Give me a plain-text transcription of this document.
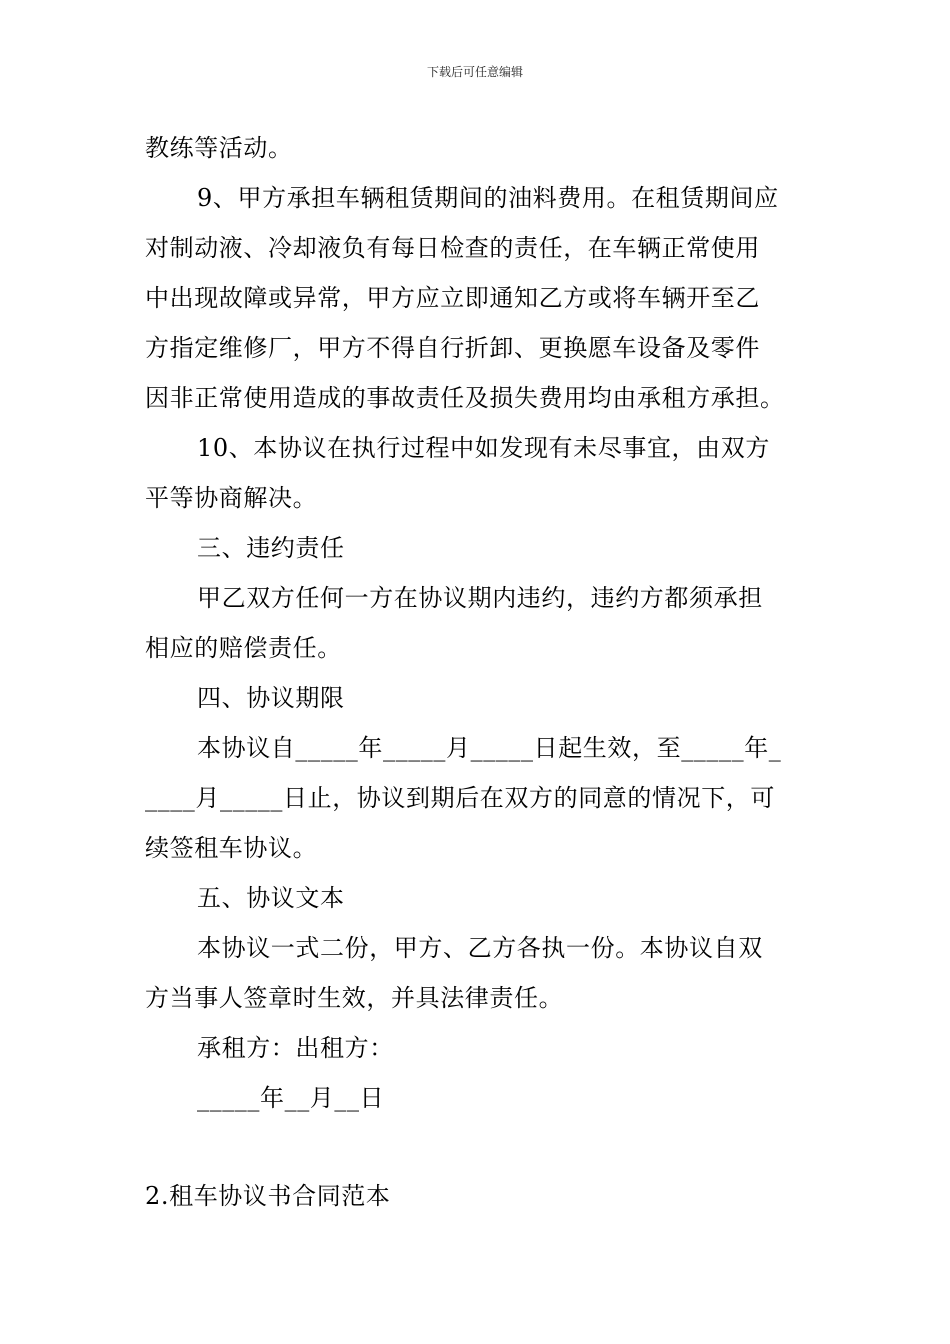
下载后可任意编辑
教练等活动。
9、甲方承担车辆租赁期间的油料费用。在租赁期间应
对制动液、冷却液负有每日检查的责任，在车辆正常使用
中出现故障或异常，甲方应立即通知乙方或将车辆开至乙
方指定维修厂，甲方不得自行折卸、更换愿车设备及零件
因非正常使用造成的事故责任及损失费用均由承租方承担。
10、本协议在执行过程中如发现有未尽事宜，由双方
平等协商解决。
三、违约责任
甲乙双方任何一方在协议期内违约，违约方都须承担
相应的赔偿责任。
四、协议期限
本协议自_____年_____月_____日起生效，至_____年_
____月_____日止，协议到期后在双方的同意的情况下，可
续签租车协议。
五、协议文本
本协议一式二份，甲方、乙方各执一份。本协议自双
方当事人签章时生效，并具法律责任。
承租方：出租方：
_____年__月__日
2.租车协议书合同范本
